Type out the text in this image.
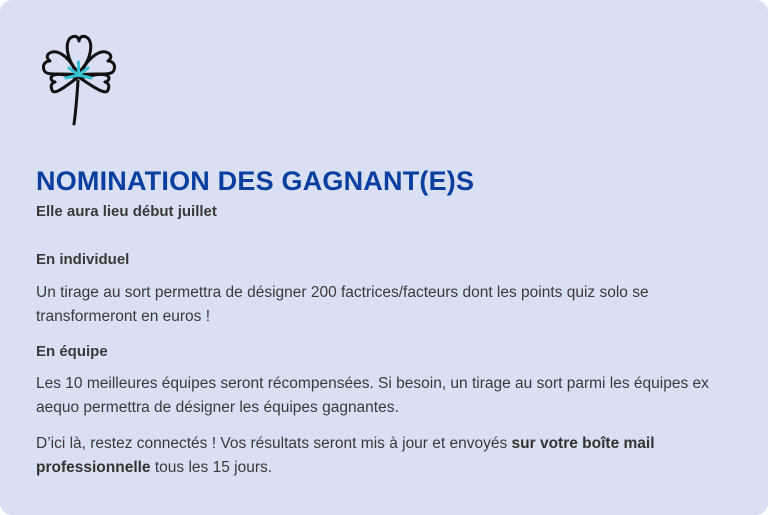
NOMINATION DES GAGNANT(E)S

Elle aura lieu début juillet

En individuel

Un tirage au sort permettra de désigner 200 factrices/facteurs dont les points quiz solo se transformeront en euros !

En équipe

Les 10 meilleures équipes seront récompensées. Si besoin, un tirage au sort parmi les équipes ex aequo permettra de désigner les équipes gagnantes.

D’ici là, restez connectés ! Vos résultats seront mis à jour et envoyés sur votre boîte mail professionnelle tous les 15 jours.
